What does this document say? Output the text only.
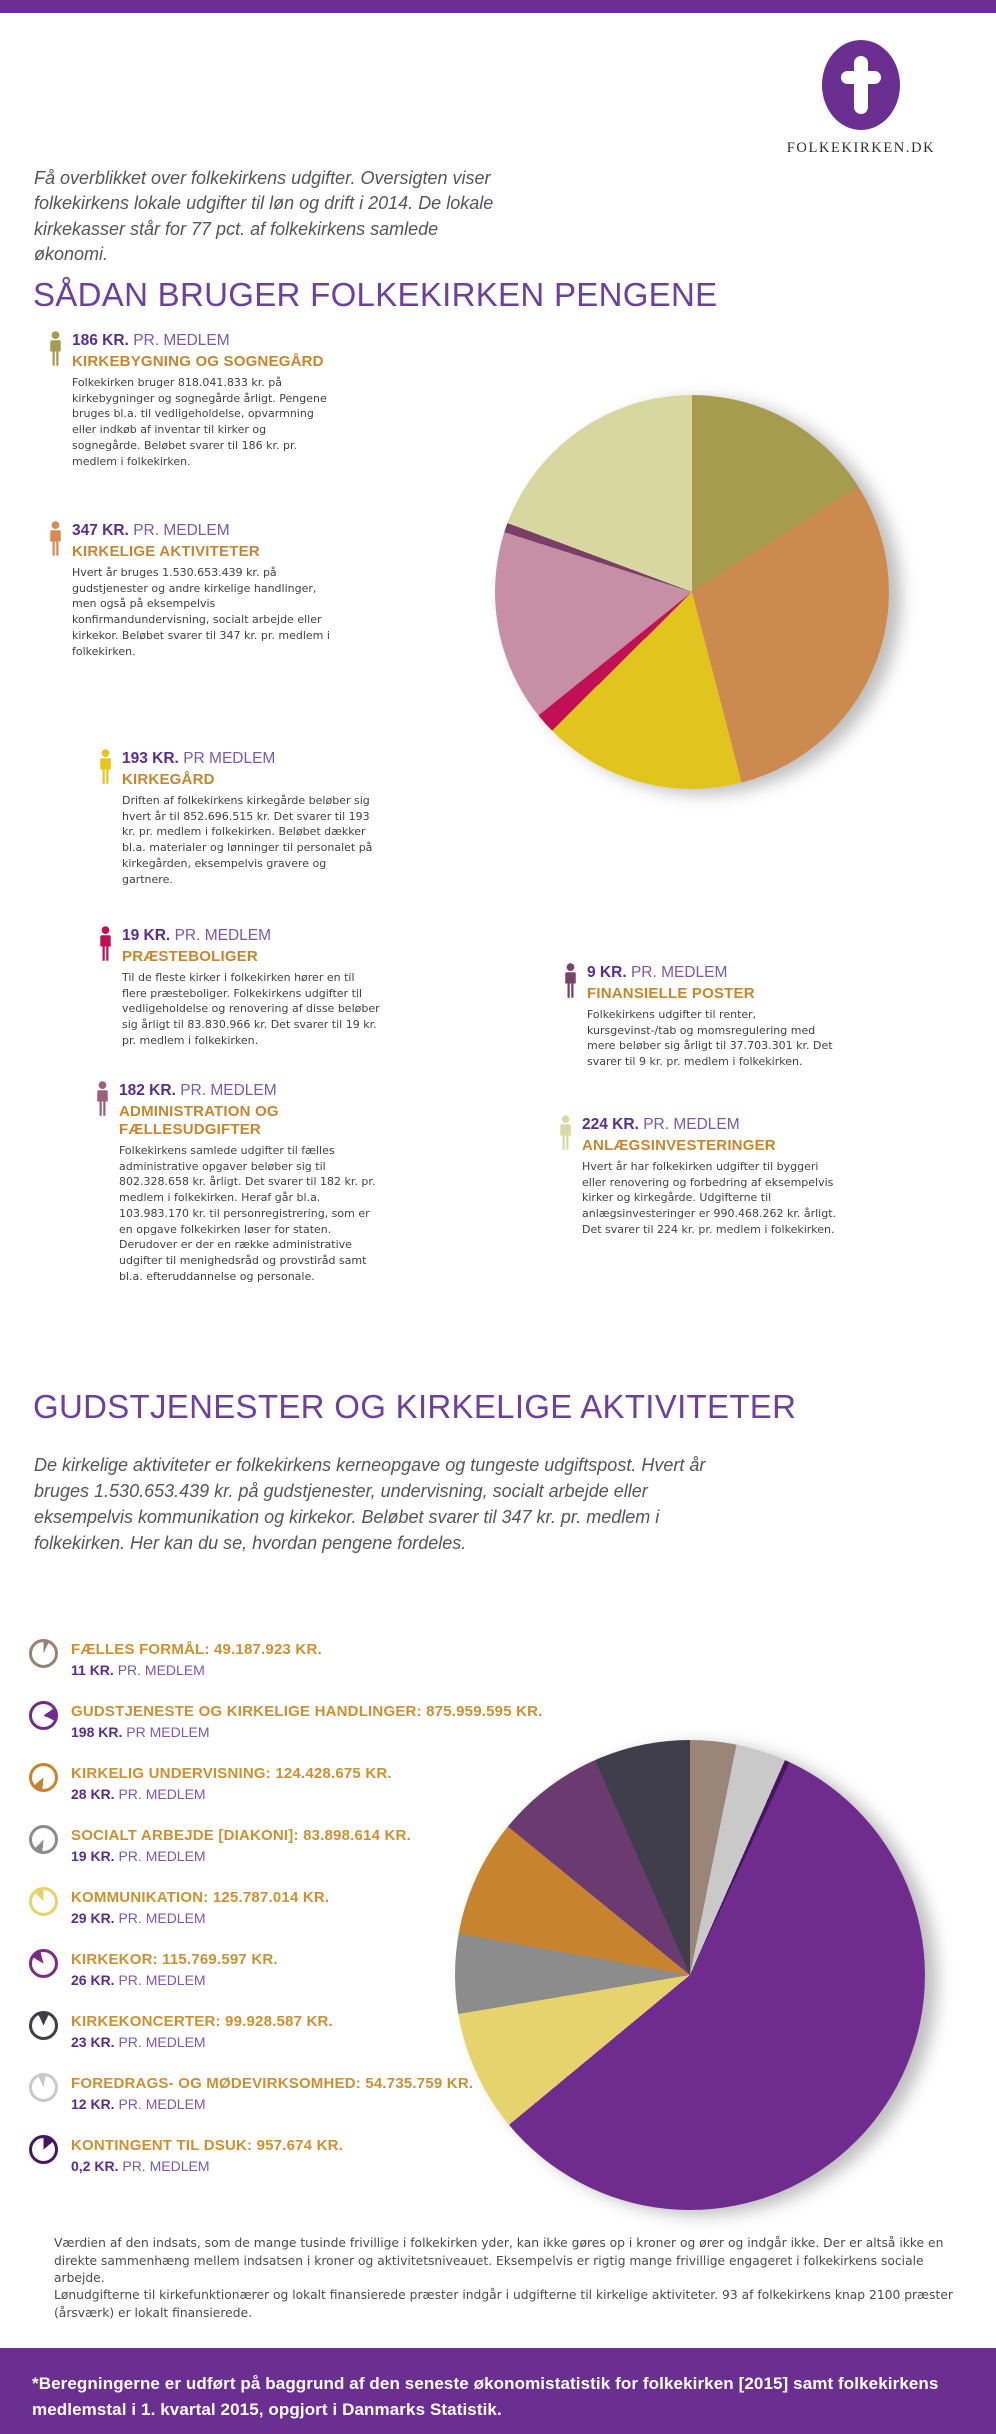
FOLKEKIRKEN.DK

Få overblikket over folkekirkens udgifter. Oversigten viser folkekirkens lokale udgifter til løn og drift i 2014. De lokale kirkekasser står for 77 pct. af folkekirkens samlede økonomi.

SÅDAN BRUGER FOLKEKIRKEN PENGENE
186 KR. PR. MEDLEM
KIRKEBYGNING OG SOGNEGÅRD
Folkekirken bruger 818.041.833 kr. på kirkebygninger og sognegårde årligt. Pengene bruges bl.a. til vedligeholdelse, opvarmning eller indkøb af inventar til kirker og sognegårde. Beløbet svarer til 186 kr. pr. medlem i folkekirken.
347 KR. PR. MEDLEM
KIRKELIGE AKTIVITETER
Hvert år bruges 1.530.653.439 kr. på gudstjenester og andre kirkelige handlinger, men også på eksempelvis konfirmandundervisning, socialt arbejde eller kirkekor. Beløbet svarer til 347 kr. pr. medlem i folkekirken.
193 KR. PR MEDLEM
KIRKEGÅRD
Driften af folkekirkens kirkegårde beløber sig hvert år til 852.696.515 kr. Det svarer til 193 kr. pr. medlem i folkekirken. Beløbet dækker bl.a. materialer og lønninger til personalet på kirkegården, eksempelvis gravere og gartnere.
19 KR. PR. MEDLEM
PRÆSTEBOLIGER
Til de fleste kirker i folkekirken hører en til flere præsteboliger. Folkekirkens udgifter til vedligeholdelse og renovering af disse beløber sig årligt til 83.830.966 kr. Det svarer til 19 kr. pr. medlem i folkekirken.
182 KR. PR. MEDLEM
ADMINISTRATION OG FÆLLESUDGIFTER
Folkekirkens samlede udgifter til fælles administrative opgaver beløber sig til 802.328.658 kr. årligt. Det svarer til 182 kr. pr. medlem i folkekirken. Heraf går bl.a. 103.983.170 kr. til personregistrering, som er en opgave folkekirken løser for staten. Derudover er der en række administrative udgifter til menighedsråd og provstiråd samt bl.a. efteruddannelse og personale.
9 KR. PR. MEDLEM
FINANSIELLE POSTER
Folkekirkens udgifter til renter, kursgevinst-/tab og momsregulering med mere beløber sig årligt til 37.703.301 kr. Det svarer til 9 kr. pr. medlem i folkekirken.
224 KR. PR. MEDLEM
ANLÆGSINVESTERINGER
Hvert år har folkekirken udgifter til byggeri eller renovering og forbedring af eksempelvis kirker og kirkegårde. Udgifterne til anlægsinvesteringer er 990.468.262 kr. årligt. Det svarer til 224 kr. pr. medlem i folkekirken.
GUDSTJENESTER OG KIRKELIGE AKTIVITETER

De kirkelige aktiviteter er folkekirkens kerneopgave og tungeste udgiftspost. Hvert år bruges 1.530.653.439 kr. på gudstjenester, undervisning, socialt arbejde eller eksempelvis kommunikation og kirkekor. Beløbet svarer til 347 kr. pr. medlem i folkekirken. Her kan du se, hvordan pengene fordeles.

FÆLLES FORMÅL: 49.187.923 KR.
11 KR. PR. MEDLEM
GUDSTJENESTE OG KIRKELIGE HANDLINGER: 875.959.595 KR.
198 KR. PR MEDLEM
KIRKELIG UNDERVISNING: 124.428.675 KR.
28 KR. PR. MEDLEM
SOCIALT ARBEJDE [DIAKONI]: 83.898.614 KR.
19 KR. PR. MEDLEM
KOMMUNIKATION: 125.787.014 KR.
29 KR. PR. MEDLEM
KIRKEKOR: 115.769.597 KR.
26 KR. PR. MEDLEM
KIRKEKONCERTER: 99.928.587 KR.
23 KR. PR. MEDLEM
FOREDRAGS- OG MØDEVIRKSOMHED: 54.735.759 KR.
12 KR. PR. MEDLEM
KONTINGENT TIL DSUK: 957.674 KR.
0,2 KR. PR. MEDLEM

Værdien af den indsats, som de mange tusinde frivillige i folkekirken yder, kan ikke gøres op i kroner og ører og indgår ikke. Der er altså ikke en direkte sammenhæng mellem indsatsen i kroner og aktivitetsniveauet. Eksempelvis er rigtig mange frivillige engageret i folkekirkens sociale arbejde.

Lønudgifterne til kirkefunktionærer og lokalt finansierede præster indgår i udgifterne til kirkelige aktiviteter. 93 af folkekirkens knap 2100 præster (årsværk) er lokalt finansierede.

*Beregningerne er udført på baggrund af den seneste økonomistatistik for folkekirken [2015] samt folkekirkens medlemstal i 1. kvartal 2015, opgjort i Danmarks Statistik.
